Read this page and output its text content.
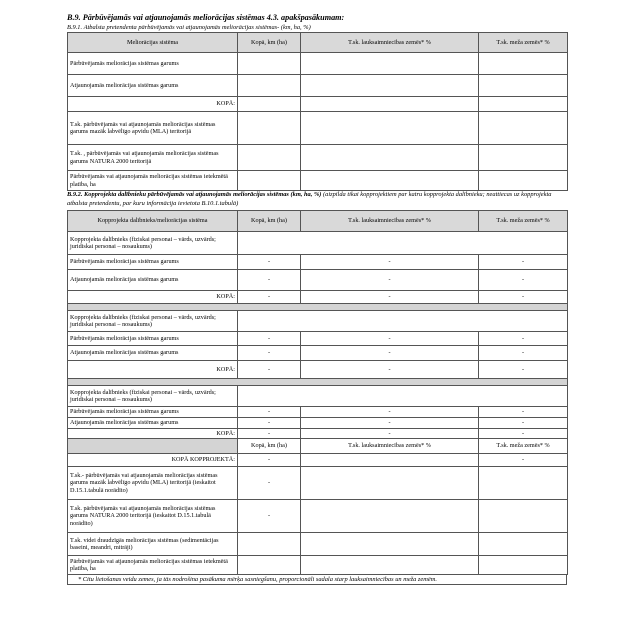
B.9. Pārbūvējamās vai atjaunojamās meliorācijas sistēmas 4.3. apakšpasākumam:
B.9.1. Atbalsta pretendenta pārbūvējamās vai atjaunojamās meliorācijas sistēmas- (km, ha, %)
Meliorācijas sistēma	Kopā, km (ha)	T.sk. lauksaimniecības zemēs* %	T.sk. meža zemēs* %
Pārbūvējamās meliorācijas sistēmas garums			
Atjaunojamās meliorācijas sistēmas garums			
KOPĀ:			
T.sk. pārbūvējamās vai atjaunojamās meliorācijas sistēmas garums mazāk labvēlīgo apvidu (MLA) teritorijā			
T.sk. , pārbūvējamās vai atjaunojamās meliorācijas sistēmas garums NATURA 2000 teritorijā			
Pārbūvējamās vai atjaunojamās meliorācijas sistēmas ietekmētā platība, ha			
B.9.2. Kopprojekta dalībnieku pārbūvējamās vai atjaunojamās meliorācijas sistēmas (km, ha, %) (aizpilda tikai kopprojektiem par katru kopprojekta dalībnieku; neattiecas uz kopprojekta atbalsta pretendentu, par kuru informācija ievietota B.10.1.tabulā)
Kopprojekta dalībnieks/meliorācijas sistēma	Kopā, km (ha)	T.sk. lauksaimniecības zemēs* %	T.sk. meža zemēs* %
Kopprojekta dalībnieks (fiziskai personai – vārds, uzvārds; juridiskai personai – nosaukums)			
Pārbūvējamās meliorācijas sistēmas garums	-	-	-
Atjaunojamās meliorācijas sistēmas garums	-	-	-
KOPĀ:	-	-	-

Kopprojekta dalībnieks (fiziskai personai – vārds, uzvārds; juridiskai personai – nosaukums)			
Pārbūvējamās meliorācijas sistēmas garums	-	-	-
Atjaunojamās meliorācijas sistēmas garums	-	-	-
KOPĀ:	-	-	-

Kopprojekta dalībnieks (fiziskai personai – vārds, uzvārds; juridiskai personai – nosaukums)			
Pārbūvējamās meliorācijas sistēmas garums	-	-	-
Atjaunojamās meliorācijas sistēmas garums	-	-	-
KOPĀ:	-	-	-
	Kopā, km (ha)	T.sk. lauksaimniecības zemēs* %	T.sk. meža zemēs* %
KOPĀ KOPPROJEKTĀ:	-		-
T.sk.- pārbūvējamās vai atjaunojamās meliorācijas sistēmas garums mazāk labvēlīgo apvidu (MLA) teritorijā (ieskaitot D.15.1.tabulā norādīto)	-		
T.sk. pārbūvējamās vai atjaunojamās meliorācijas sistēmas garums NATURA 2000 teritorijā (ieskaitot D.15.1.tabulā norādīto)	-		
T.sk. videi draudzīgās meliorācijas sistēmas (sedimentācijas baseini, meandri, mitrāji)			
Pārbūvējamās vai atjaunojamās meliorācijas sistēmas ietekmētā platība, ha			
* Citu lietošanas veidu zemes, ja tās nodrošina pasākuma mērķa sasniegšanu, proporcionāli sadala starp lauksaimniecības un meža zemēm.
